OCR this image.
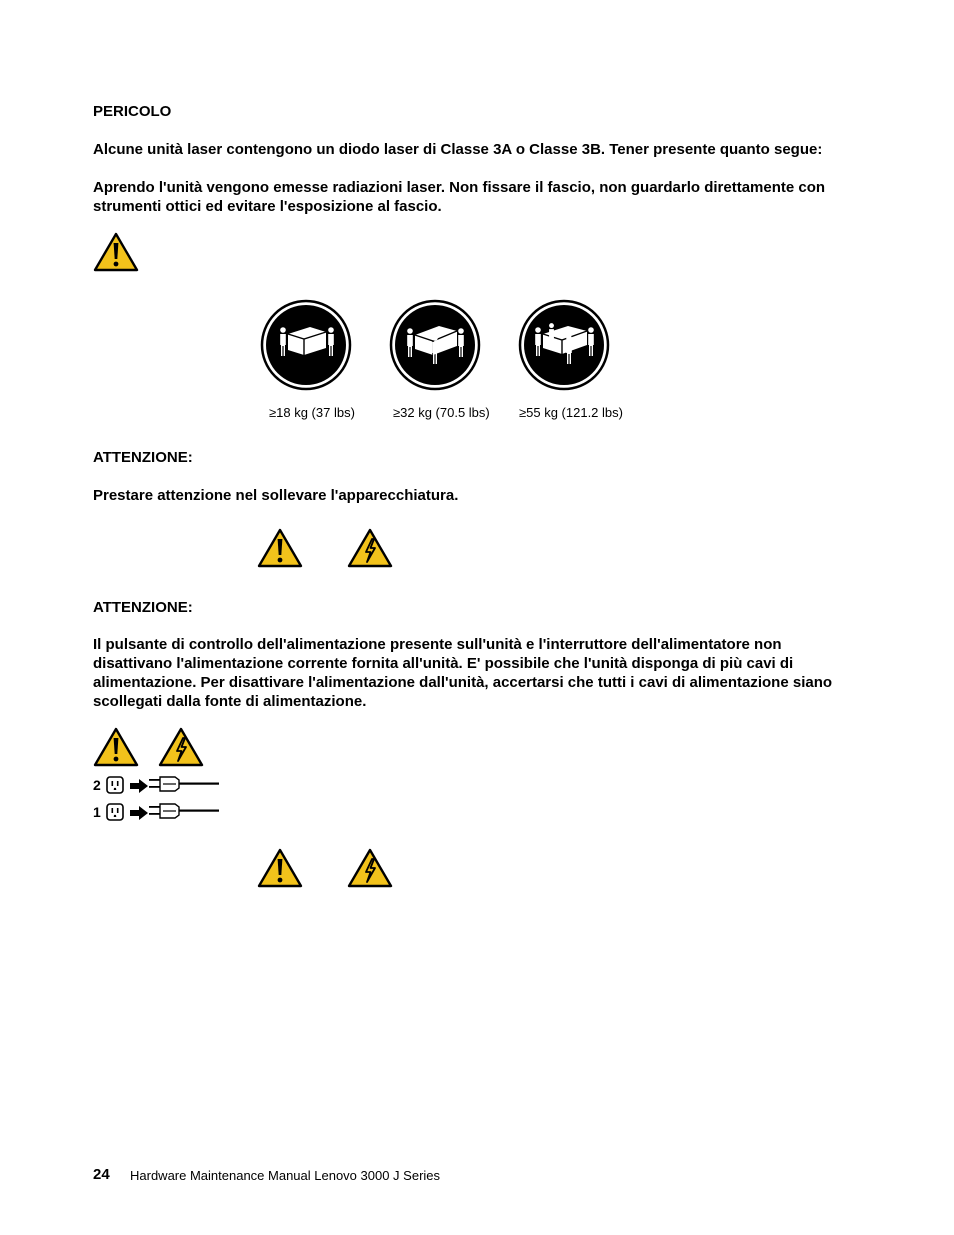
PERICOLO

Alcune unità laser contengono un diodo laser di Classe 3A o Classe 3B. Tener presente quanto segue:

Aprendo l'unità vengono emesse radiazioni laser. Non fissare il fascio, non guardarlo direttamente con strumenti ottici ed evitare l'esposizione al fascio.

≥18 kg (37 lbs)	≥32 kg (70.5 lbs) ≥55 kg (121.2 lbs)

ATTENZIONE:

Prestare attenzione nel sollevare l'apparecchiatura.

ATTENZIONE:

Il pulsante di controllo dell'alimentazione presente sull'unità e l'interruttore dell'alimentatore non disattivano l'alimentazione corrente fornita all'unità. E' possibile che l'unità disponga di più cavi di alimentazione. Per disattivare l'alimentazione dall'unità, accertarsi che tutti i cavi di alimentazione siano scollegati dalla fonte di alimentazione.

2
1
24 Hardware Maintenance Manual Lenovo 3000 J Series
